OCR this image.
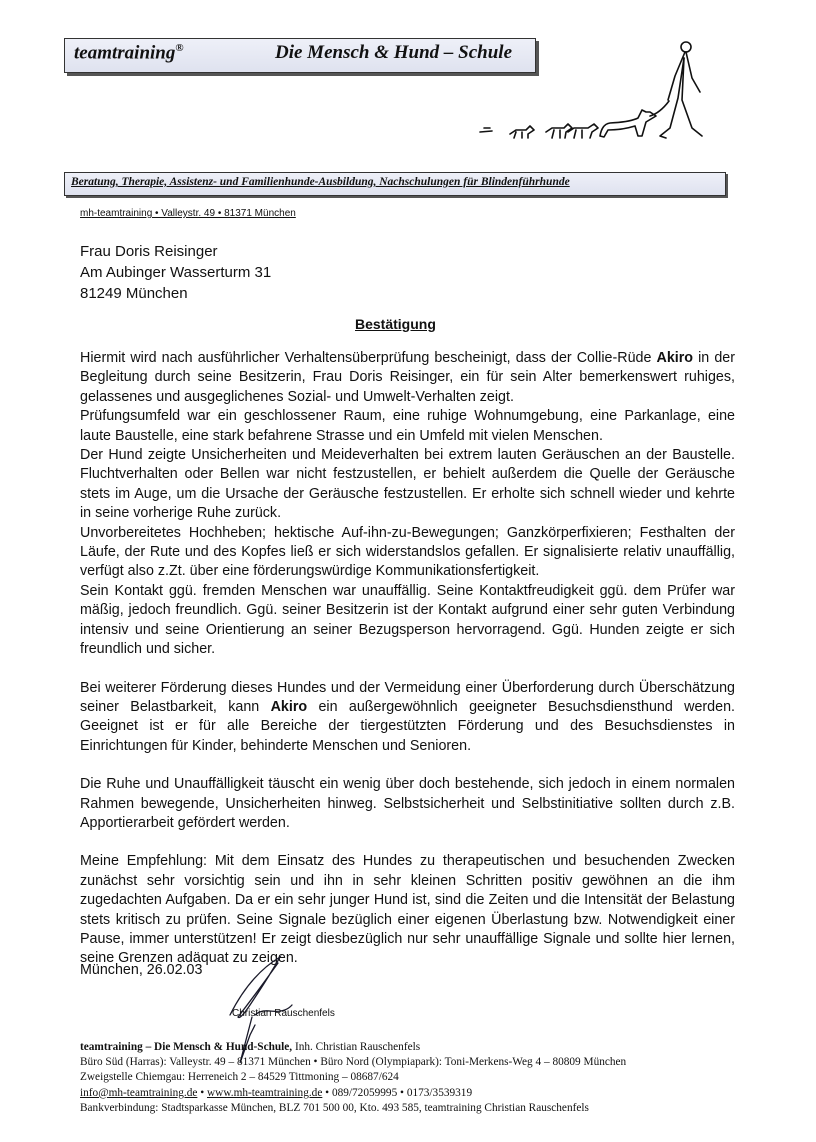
teamtraining®	Die Mensch & Hund – Schule
Beratung, Therapie, Assistenz- und Familienhunde-Ausbildung, Nachschulungen für Blindenführhunde
mh-teamtraining • Valleystr. 49 • 81371 München
Frau Doris Reisinger
Am Aubinger Wasserturm 31
81249 München
Bestätigung

Hiermit wird nach ausführlicher Verhaltensüberprüfung bescheinigt, dass der Collie-Rüde Akiro in der Begleitung durch seine Besitzerin, Frau Doris Reisinger, ein für sein Alter bemerkenswert ruhiges, gelassenes und ausgeglichenes Sozial- und Umwelt-Verhalten zeigt.

Prüfungsumfeld war ein geschlossener Raum, eine ruhige Wohnumgebung, eine Parkanlage, eine laute Baustelle, eine stark befahrene Strasse und ein Umfeld mit vielen Menschen.

Der Hund zeigte Unsicherheiten und Meideverhalten bei extrem lauten Geräuschen an der Baustelle. Fluchtverhalten oder Bellen war nicht festzustellen, er behielt außerdem die Quelle der Geräusche stets im Auge, um die Ursache der Geräusche festzustellen. Er erholte sich schnell wieder und kehrte in seine vorherige Ruhe zurück.

Unvorbereitetes Hochheben; hektische Auf-ihn-zu-Bewegungen; Ganzkörperfixieren; Festhalten der Läufe, der Rute und des Kopfes ließ er sich widerstandslos gefallen. Er signalisierte relativ unauffällig, verfügt also z.Zt. über eine förderungswürdige Kommunikationsfertigkeit.

Sein Kontakt ggü. fremden Menschen war unauffällig. Seine Kontaktfreudigkeit ggü. dem Prüfer war mäßig, jedoch freundlich. Ggü. seiner Besitzerin ist der Kontakt aufgrund einer sehr guten Verbindung intensiv und seine Orientierung an seiner Bezugsperson hervorragend. Ggü. Hunden zeigte er sich freundlich und sicher.

Bei weiterer Förderung dieses Hundes und der Vermeidung einer Überforderung durch Überschätzung seiner Belastbarkeit, kann Akiro ein außergewöhnlich geeigneter Besuchsdiensthund werden. Geeignet ist er für alle Bereiche der tiergestützten Förderung und des Besuchsdienstes in Einrichtungen für Kinder, behinderte Menschen und Senioren.

Die Ruhe und Unauffälligkeit täuscht ein wenig über doch bestehende, sich jedoch in einem normalen Rahmen bewegende, Unsicherheiten hinweg. Selbstsicherheit und Selbstinitiative sollten durch z.B. Apportierarbeit gefördert werden.

Meine Empfehlung: Mit dem Einsatz des Hundes zu therapeutischen und besuchenden Zwecken zunächst sehr vorsichtig sein und ihn in sehr kleinen Schritten positiv gewöhnen an die ihm zugedachten Aufgaben. Da er ein sehr junger Hund ist, sind die Zeiten und die Intensität der Belastung stets kritisch zu prüfen. Seine Signale bezüglich einer eigenen Überlastung bzw. Notwendigkeit einer Pause, immer unterstützen! Er zeigt diesbezüglich nur sehr unauffällige Signale und sollte hier lernen, seine Grenzen adäquat zu zeigen.

München, 26.02.03
Christian Rauschenfels
teamtraining – Die Mensch & Hund-Schule, Inh. Christian Rauschenfels
Büro Süd (Harras): Valleystr. 49 – 81371 München • Büro Nord (Olympiapark): Toni-Merkens-Weg 4 – 80809 München
Zweigstelle Chiemgau: Herreneich 2 – 84529 Tittmoning – 08687/624
info@mh-teamtraining.de • www.mh-teamtraining.de • 089/72059995 • 0173/3539319
Bankverbindung: Stadtsparkasse München, BLZ 701 500 00, Kto. 493 585, teamtraining Christian Rauschenfels
